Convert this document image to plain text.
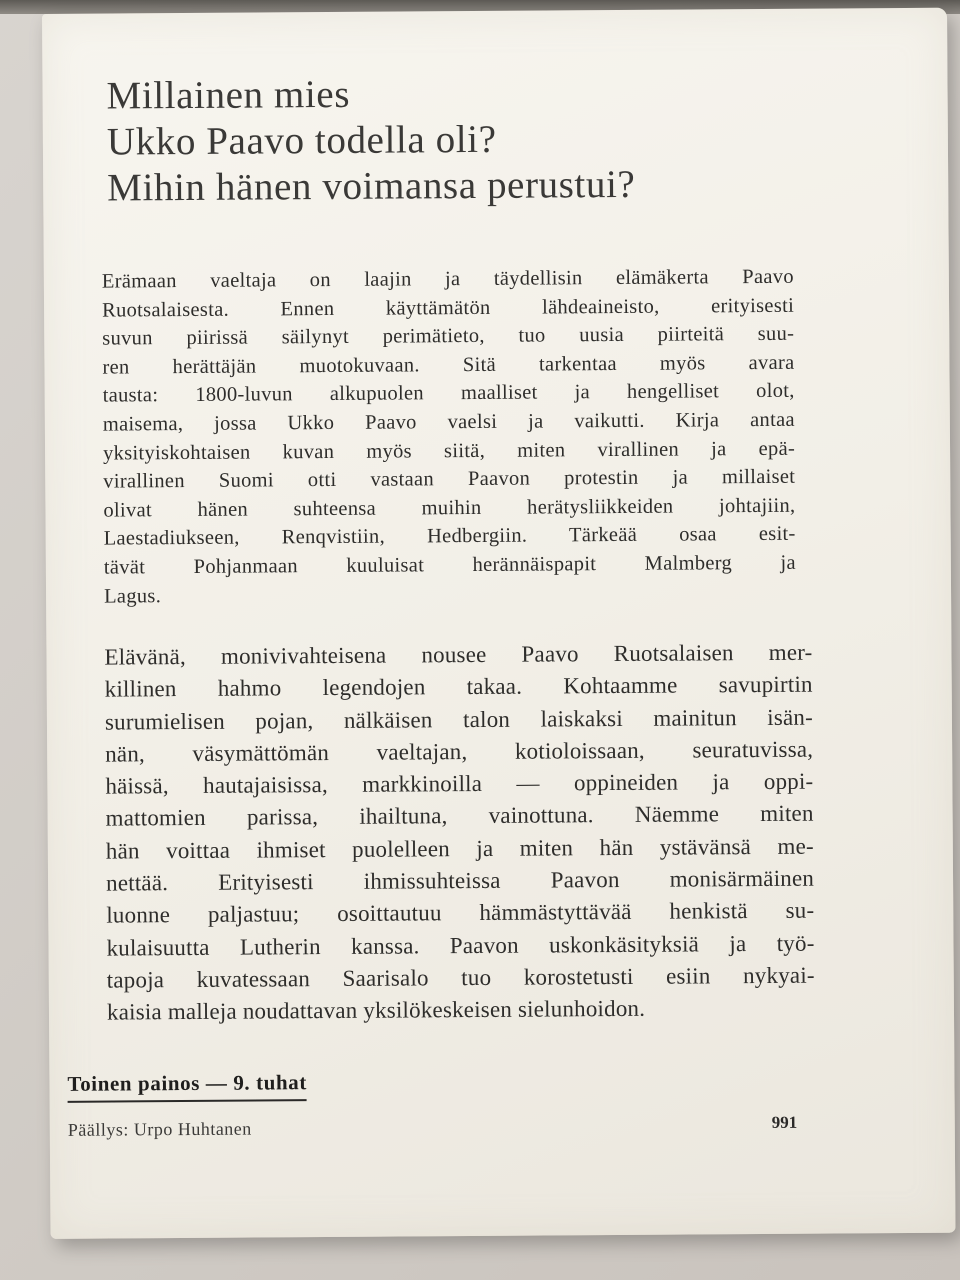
Millainen mies
Ukko Paavo todella oli?
Mihin hänen voimansa perustui?
Erämaan vaeltaja on laajin ja täydellisin elämäkerta Paavo
Ruotsalaisesta. Ennen käyttämätön lähdeaineisto, erityisesti
suvun piirissä säilynyt perimätieto, tuo uusia piirteitä suu-
ren herättäjän muotokuvaan. Sitä tarkentaa myös avara
tausta: 1800-luvun alkupuolen maalliset ja hengelliset olot,
maisema, jossa Ukko Paavo vaelsi ja vaikutti. Kirja antaa
yksityiskohtaisen kuvan myös siitä, miten virallinen ja epä-
virallinen Suomi otti vastaan Paavon protestin ja millaiset
olivat hänen suhteensa muihin herätysliikkeiden johtajiin,
Laestadiukseen, Renqvistiin, Hedbergiin. Tärkeää osaa esit-
tävät Pohjanmaan kuuluisat herännäispapit Malmberg ja
Lagus.
Elävänä, monivivahteisena nousee Paavo Ruotsalaisen mer-
killinen hahmo legendojen takaa. Kohtaamme savupirtin
surumielisen pojan, nälkäisen talon laiskaksi mainitun isän-
nän, väsymättömän vaeltajan, kotioloissaan, seuratuvissa,
häissä, hautajaisissa, markkinoilla — oppineiden ja oppi-
mattomien parissa, ihailtuna, vainottuna. Näemme miten
hän voittaa ihmiset puolelleen ja miten hän ystävänsä me-
nettää. Erityisesti ihmissuhteissa Paavon monisärmäinen
luonne paljastuu; osoittautuu hämmästyttävää henkistä su-
kulaisuutta Lutherin kanssa. Paavon uskonkäsityksiä ja työ-
tapoja kuvatessaan Saarisalo tuo korostetusti esiin nykyai-
kaisia malleja noudattavan yksilökeskeisen sielunhoidon.
Toinen painos — 9. tuhat
Päällys: Urpo Huhtanen	991
